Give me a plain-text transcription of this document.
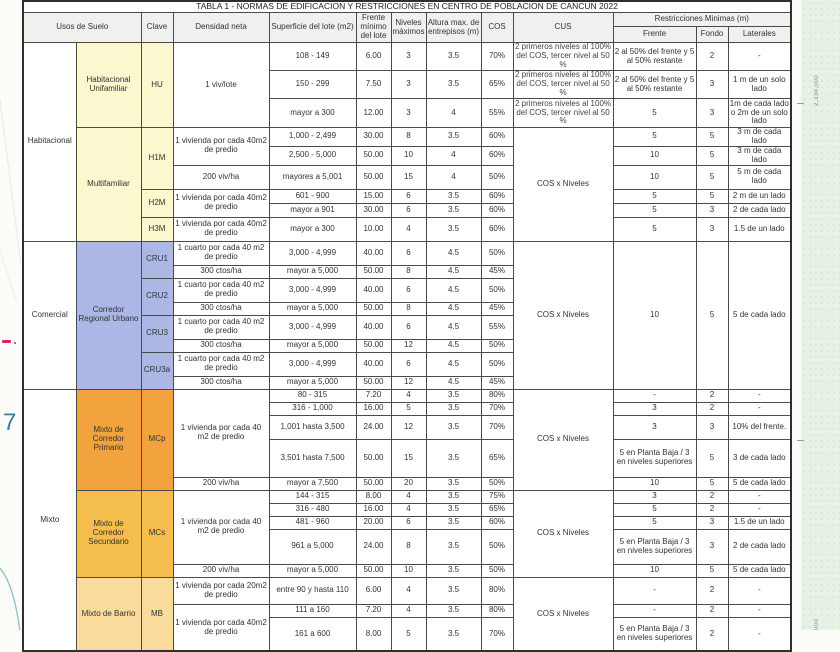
7
TABLA 1 - NORMAS DE EDIFICACION Y RESTRICCIONES EN CENTRO DE POBLACION DE CANCUN 2022												
Usos de Suelo		Clave	Densidad neta	Superficie del lote (m2)	Frente mínimo del lote	Niveles máximos	Altura max. de entrepisos (m)	COS	CUS	Restricciones Minimas (m)		
										Frente	Fondo	Laterales
Habitacional	Habitacional Unifamiliar	HU	1 viv/lote	108 - 149	6.00	3	3.5	70%	2 primeros niveles al 100% del COS, tercer nivel al 50 %	2 al 50% del frente y 5 al 50% restante	2	-
				150 - 299	7.50	3	3.5	65%	2 primeros niveles al 100% del COS, tercer nivel al 50 %	2 al 50% del frente y 5 al 50% restante	3	1 m de un solo lado
				mayor a 300	12.00	3	4	55%	2 primeros niveles al 100% del COS, tercer nivel al 50 %	5	3	1m de cada lado o 2m de un solo lado
	Multifamiliar	H1M	1 vivienda por cada 40m2 de predio	1,000 - 2,499	30.00	8	3.5	60%	COS x Niveles	5	5	3 m de cada lado
				2,500 - 5,000	50.00	10	4	60%		10	5	3 m de cada lado
			200 viv/ha	mayores a 5,001	50.00	15	4	50%		10	5	5 m de cada lado
		H2M	1 vivienda por cada 40m2 de predio	601 - 900	15.00	6	3.5	60%		5	5	2 m de un lado
				mayor a 901	30.00	6	3.5	60%		5	3	2 de cada lado
		H3M	1 vivienda por cada 40m2 de predio	mayor a 300	10.00	4	3.5	60%		5	3	1.5 de un lado
Comercial	Corredor Regional Urbano	CRU1	1 cuarto por cada 40 m2 de predio	3,000 - 4,999	40.00	6	4.5	50%	COS x Niveles	10	5	5 de cada lado
			300 ctos/ha	mayor a 5,000	50.00	8	4.5	45%				
		CRU2	1 cuarto por cada 40 m2 de predio	3,000 - 4,999	40.00	6	4.5	50%				
			300 ctos/ha	mayor a 5,000	50.00	8	4.5	45%				
		CRU3	1 cuarto por cada 40 m2 de predio	3,000 - 4,999	40.00	6	4.5	55%				
			300 ctos/ha	mayor a 5,000	50.00	12	4.5	50%				
		CRU3a	1 cuarto por cada 40 m2 de predio	3,000 - 4,999	40.00	6	4.5	50%				
			300 ctos/ha	mayor a 5,000	50.00	12	4.5	45%				
Mixto	Mixto de Corredor Primario	MCp	1 vivienda por cada 40 m2 de predio	80 - 315	7.20	4	3.5	80%	COS x Niveles	-	2	-
				316 - 1,000	16.00	5	3.5	70%		3	2	-
				1,001 hasta 3,500	24.00	12	3.5	70%		3	3	10% del frente.
				3,501 hasta 7,500	50.00	15	3.5	65%		5 en Planta Baja / 3 en niveles superiores	5	3 de cada lado
			200 viv/ha	mayor a 7,500	50.00	20	3.5	50%		10	5	5 de cada lado
	Mixto de Corredor Secundario	MCs	1 vivienda por cada 40 m2 de predio	144 - 315	8.00	4	3.5	75%	COS x Niveles	3	2	-
				316 - 480	16.00	4	3.5	65%		5	2	-
				481 - 960	20.00	6	3.5	60%		5	3	1.5 de un lado
				961 a 5,000	24.00	8	3.5	50%		5 en Planta Baja / 3 en niveles superiores	3	2 de cada lado
			200 viv/ha	mayor a 5,000	50.00	10	3.5	50%		10	5	5 de cada lado
	Mixto de Barrio	MB	1 vivienda por cada 20m2 de predio	entre 90 y hasta 110	6.00	4	3.5	80%	COS x Niveles	-	2	-
			1 vivienda por cada 40m2 de predio	111 a 160	7.20	4	3.5	80%		-	2	-
				161 a 600	8.00	5	3.5	70%		5 en Planta Baja / 3 en niveles superiores	2	-
2,334,000
000
